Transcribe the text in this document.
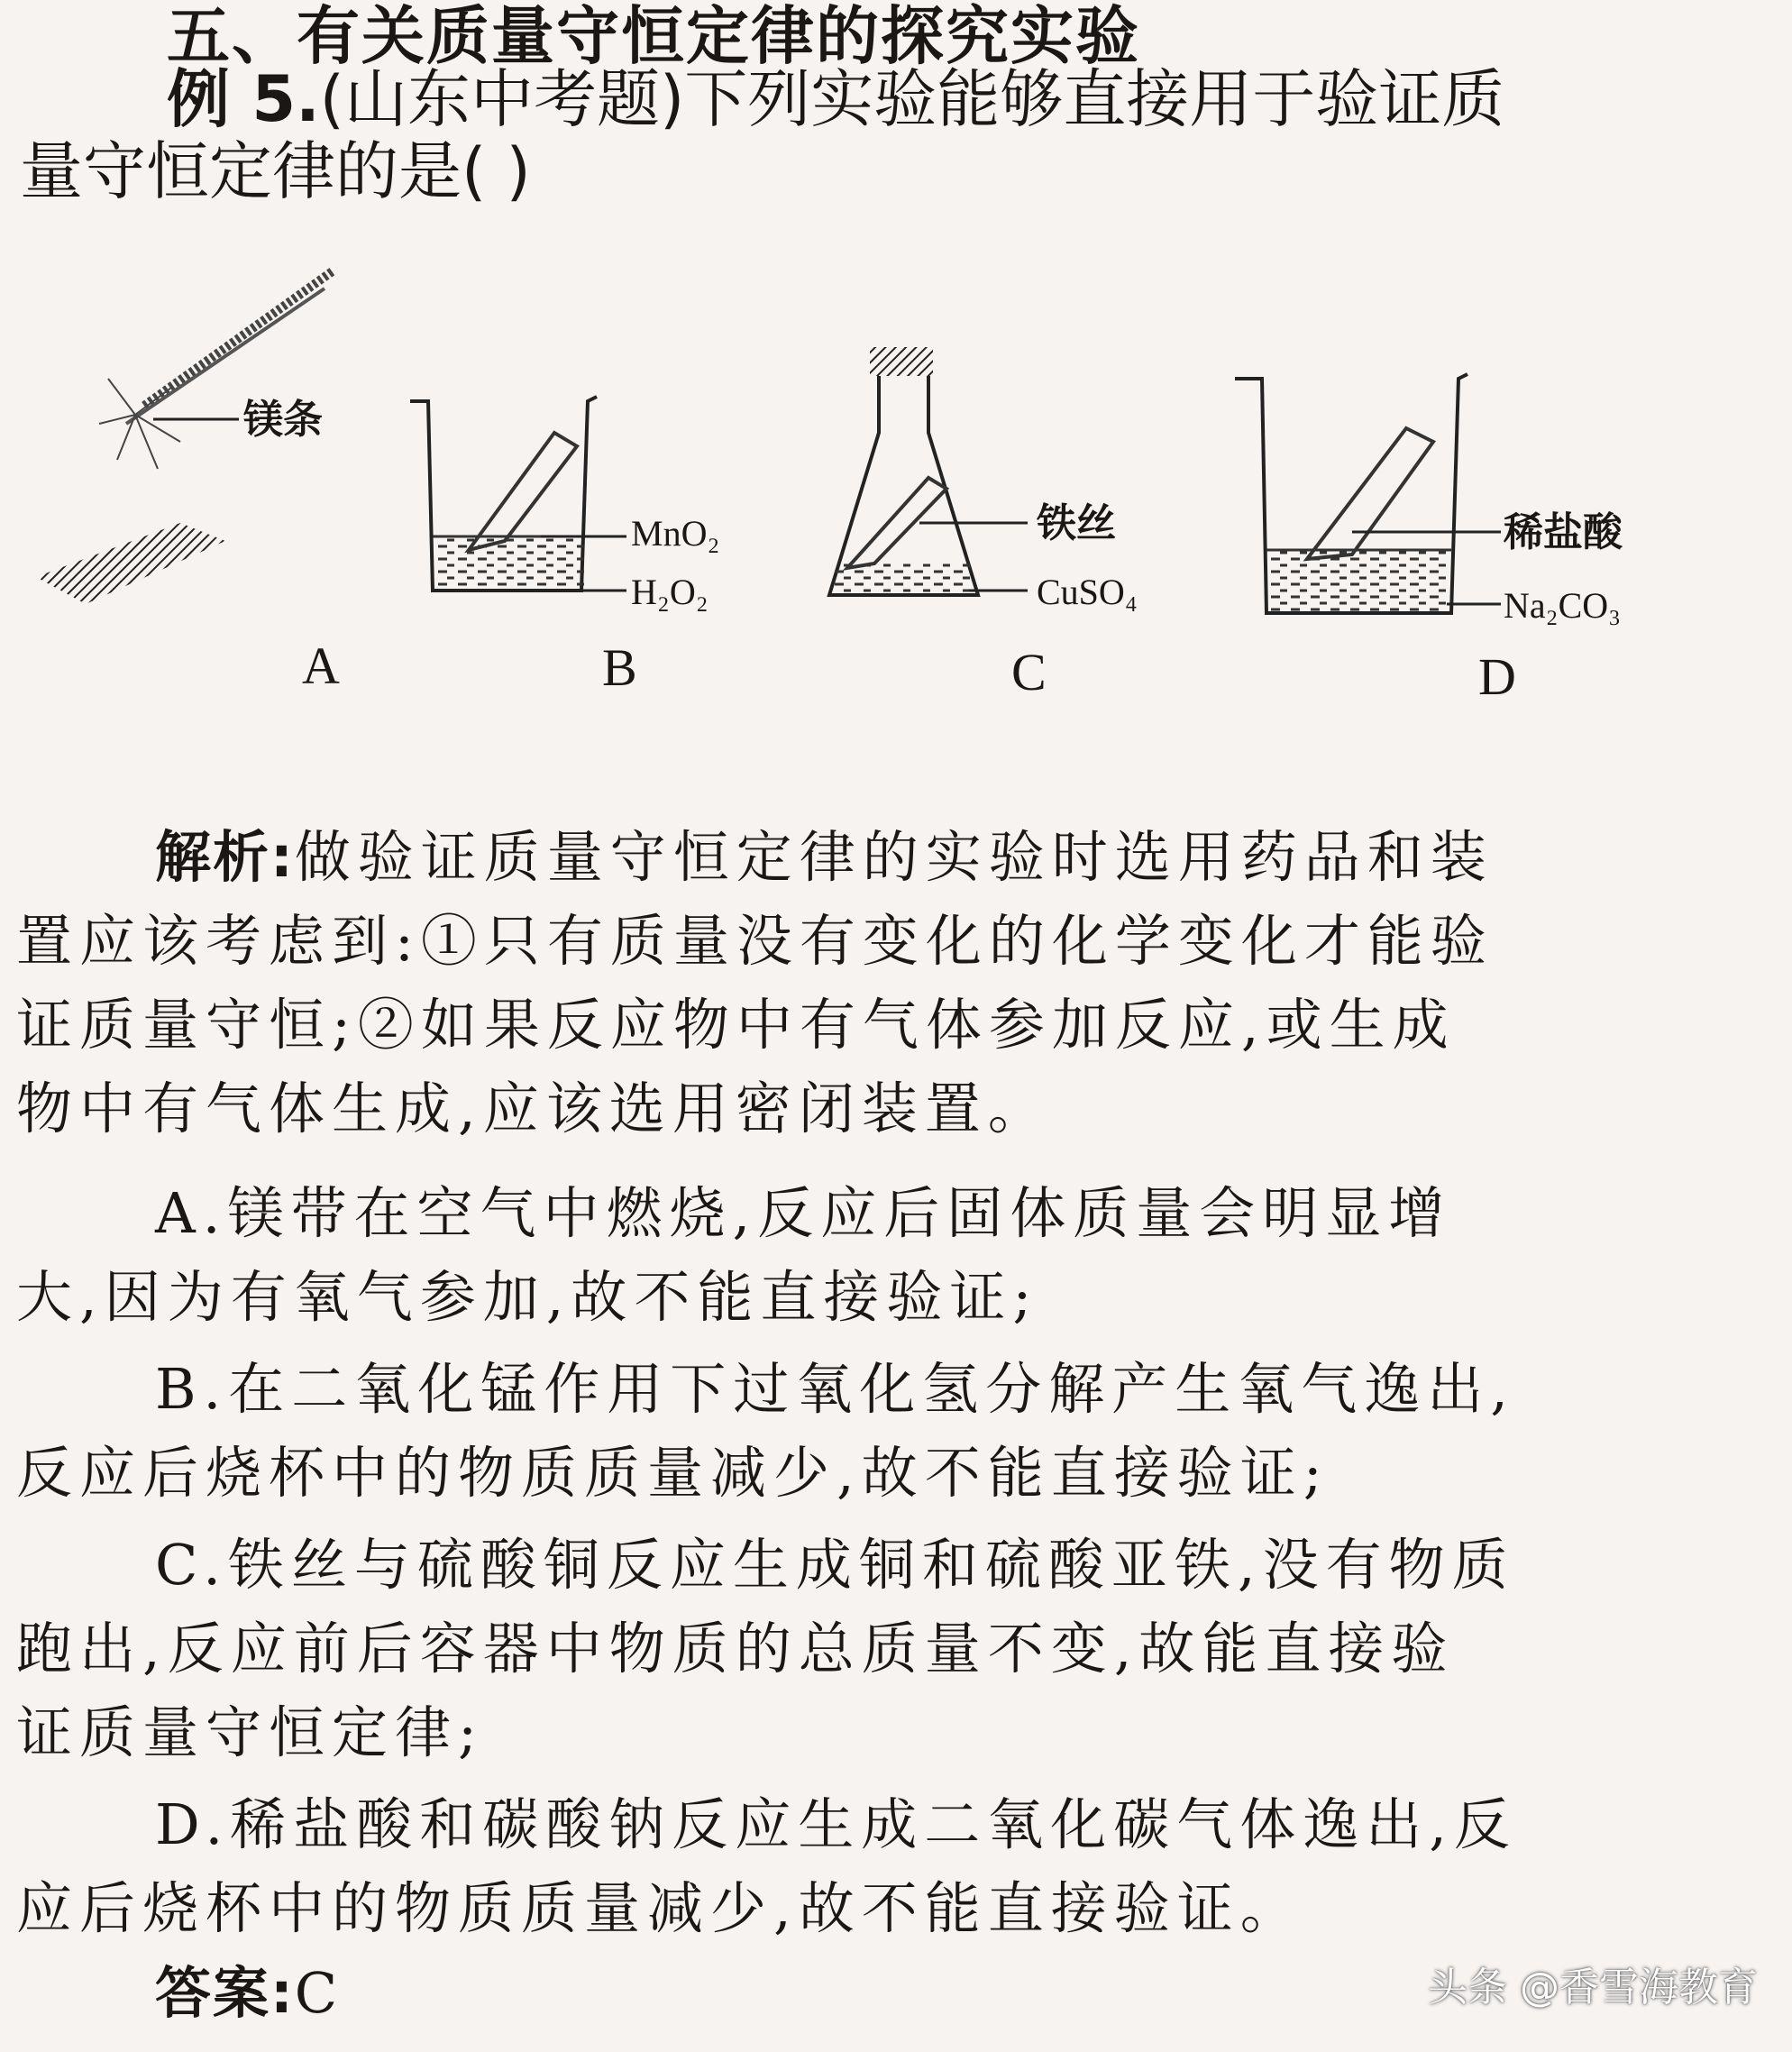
五、有关质量守恒定律的探究实验
例 5.(山东中考题)下列实验能够直接用于验证质
量守恒定律的是( )
镁条
A
MnO₂
H₂O₂
B
铁丝
CuSO₄
C
稀盐酸
Na₂CO₃
D
解析:做验证质量守恒定律的实验时选用药品和装
置应该考虑到:①只有质量没有变化的化学变化才能验
证质量守恒;②如果反应物中有气体参加反应,或生成
物中有气体生成,应该选用密闭装置。
A.镁带在空气中燃烧,反应后固体质量会明显增
大,因为有氧气参加,故不能直接验证;
B.在二氧化锰作用下过氧化氢分解产生氧气逸出,
反应后烧杯中的物质质量减少,故不能直接验证;
C.铁丝与硫酸铜反应生成铜和硫酸亚铁,没有物质
跑出,反应前后容器中物质的总质量不变,故能直接验
证质量守恒定律;
D.稀盐酸和碳酸钠反应生成二氧化碳气体逸出,反
应后烧杯中的物质质量减少,故不能直接验证。
答案:C	头条 @香雪海教育
